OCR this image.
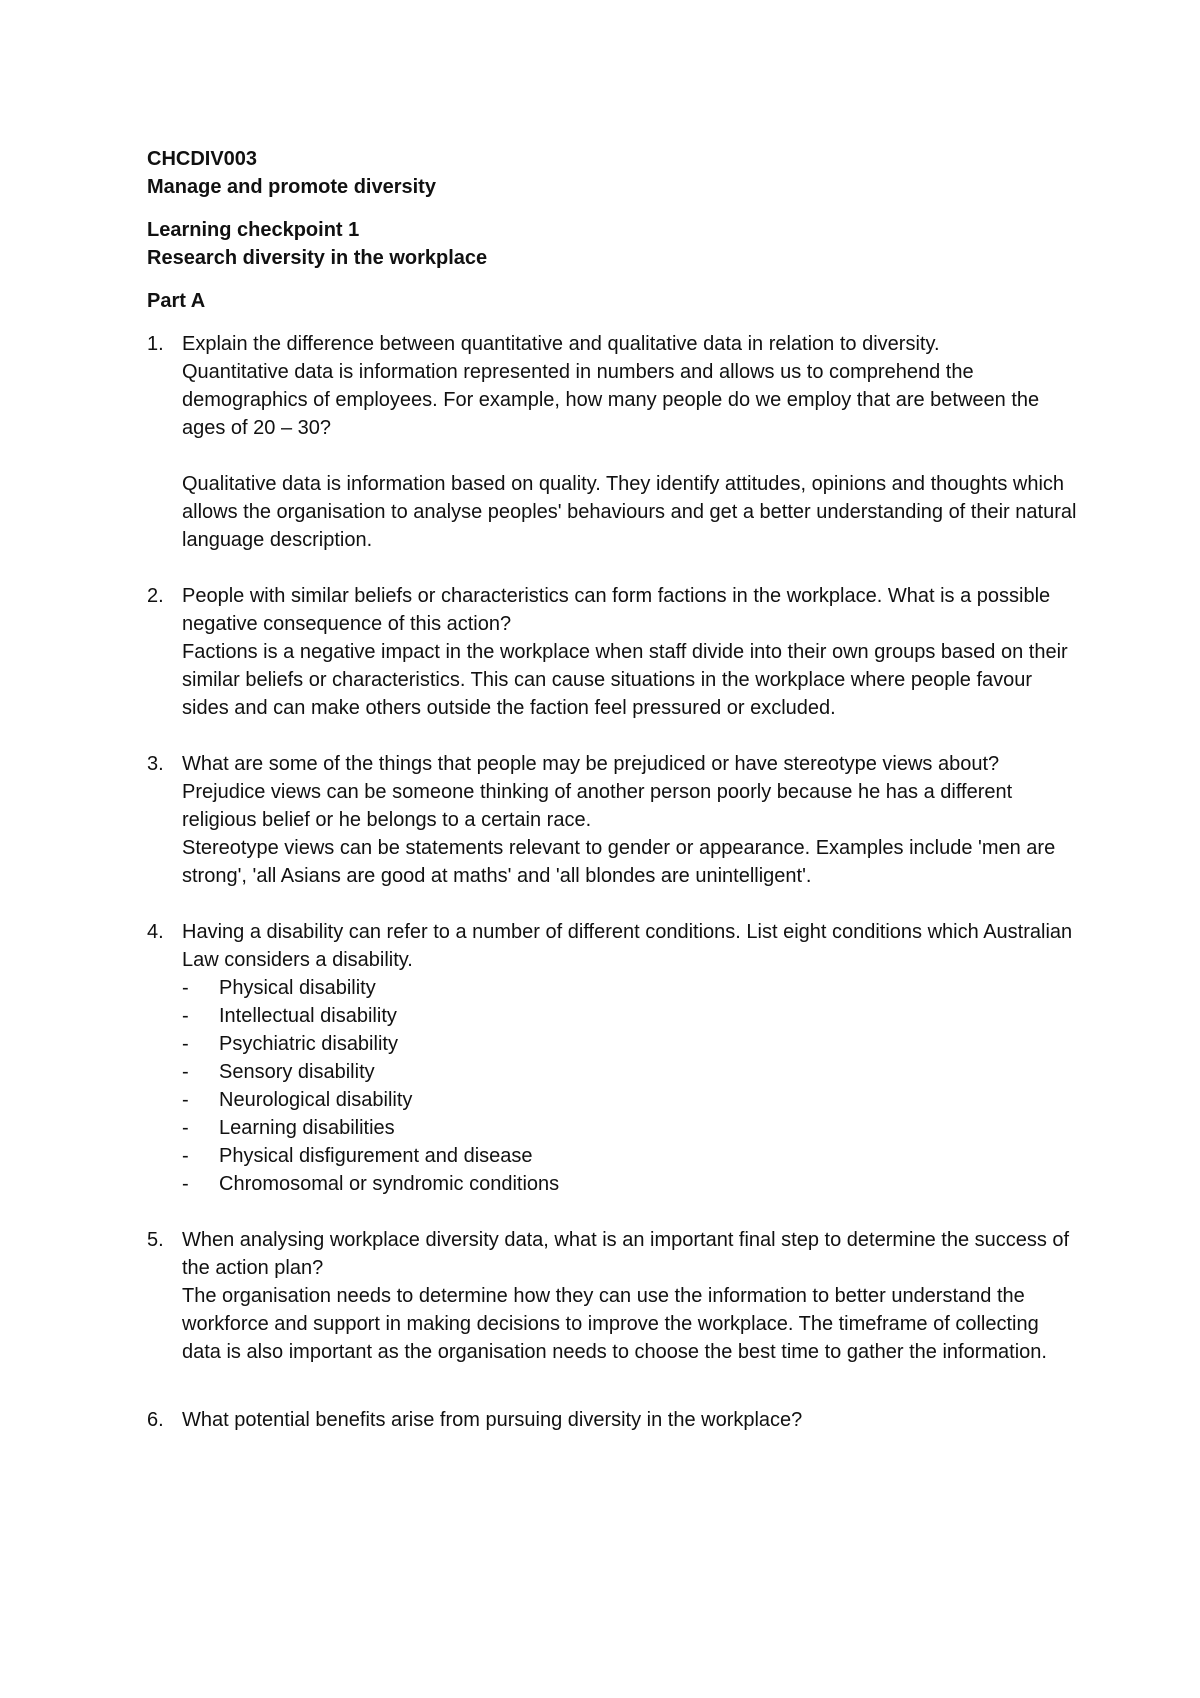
CHCDIV003

Manage and promote diversity

Learning checkpoint 1

Research diversity in the workplace

Part A

1. Explain the difference between quantitative and qualitative data in relation to diversity.

Quantitative data is information represented in numbers and allows us to comprehend the demographics of employees. For example, how many people do we employ that are between the ages of 20 – 30?

Qualitative data is information based on quality. They identify attitudes, opinions and thoughts which allows the organisation to analyse peoples' behaviours and get a better understanding of their natural language description.

2. People with similar beliefs or characteristics can form factions in the workplace. What is a possible negative consequence of this action?

Factions is a negative impact in the workplace when staff divide into their own groups based on their similar beliefs or characteristics. This can cause situations in the workplace where people favour sides and can make others outside the faction feel pressured or excluded.

3. What are some of the things that people may be prejudiced or have stereotype views about?

Prejudice views can be someone thinking of another person poorly because he has a different religious belief or he belongs to a certain race.

Stereotype views can be statements relevant to gender or appearance. Examples include 'men are strong', 'all Asians are good at maths' and 'all blondes are unintelligent'.

4. Having a disability can refer to a number of different conditions. List eight conditions which Australian Law considers a disability.

- Physical disability
- Intellectual disability
- Psychiatric disability
- Sensory disability
- Neurological disability
- Learning disabilities
- Physical disfigurement and disease
- Chromosomal or syndromic conditions
5. When analysing workplace diversity data, what is an important final step to determine the success of the action plan?

The organisation needs to determine how they can use the information to better understand the workforce and support in making decisions to improve the workplace. The timeframe of collecting data is also important as the organisation needs to choose the best time to gather the information.

6. What potential benefits arise from pursuing diversity in the workplace?
